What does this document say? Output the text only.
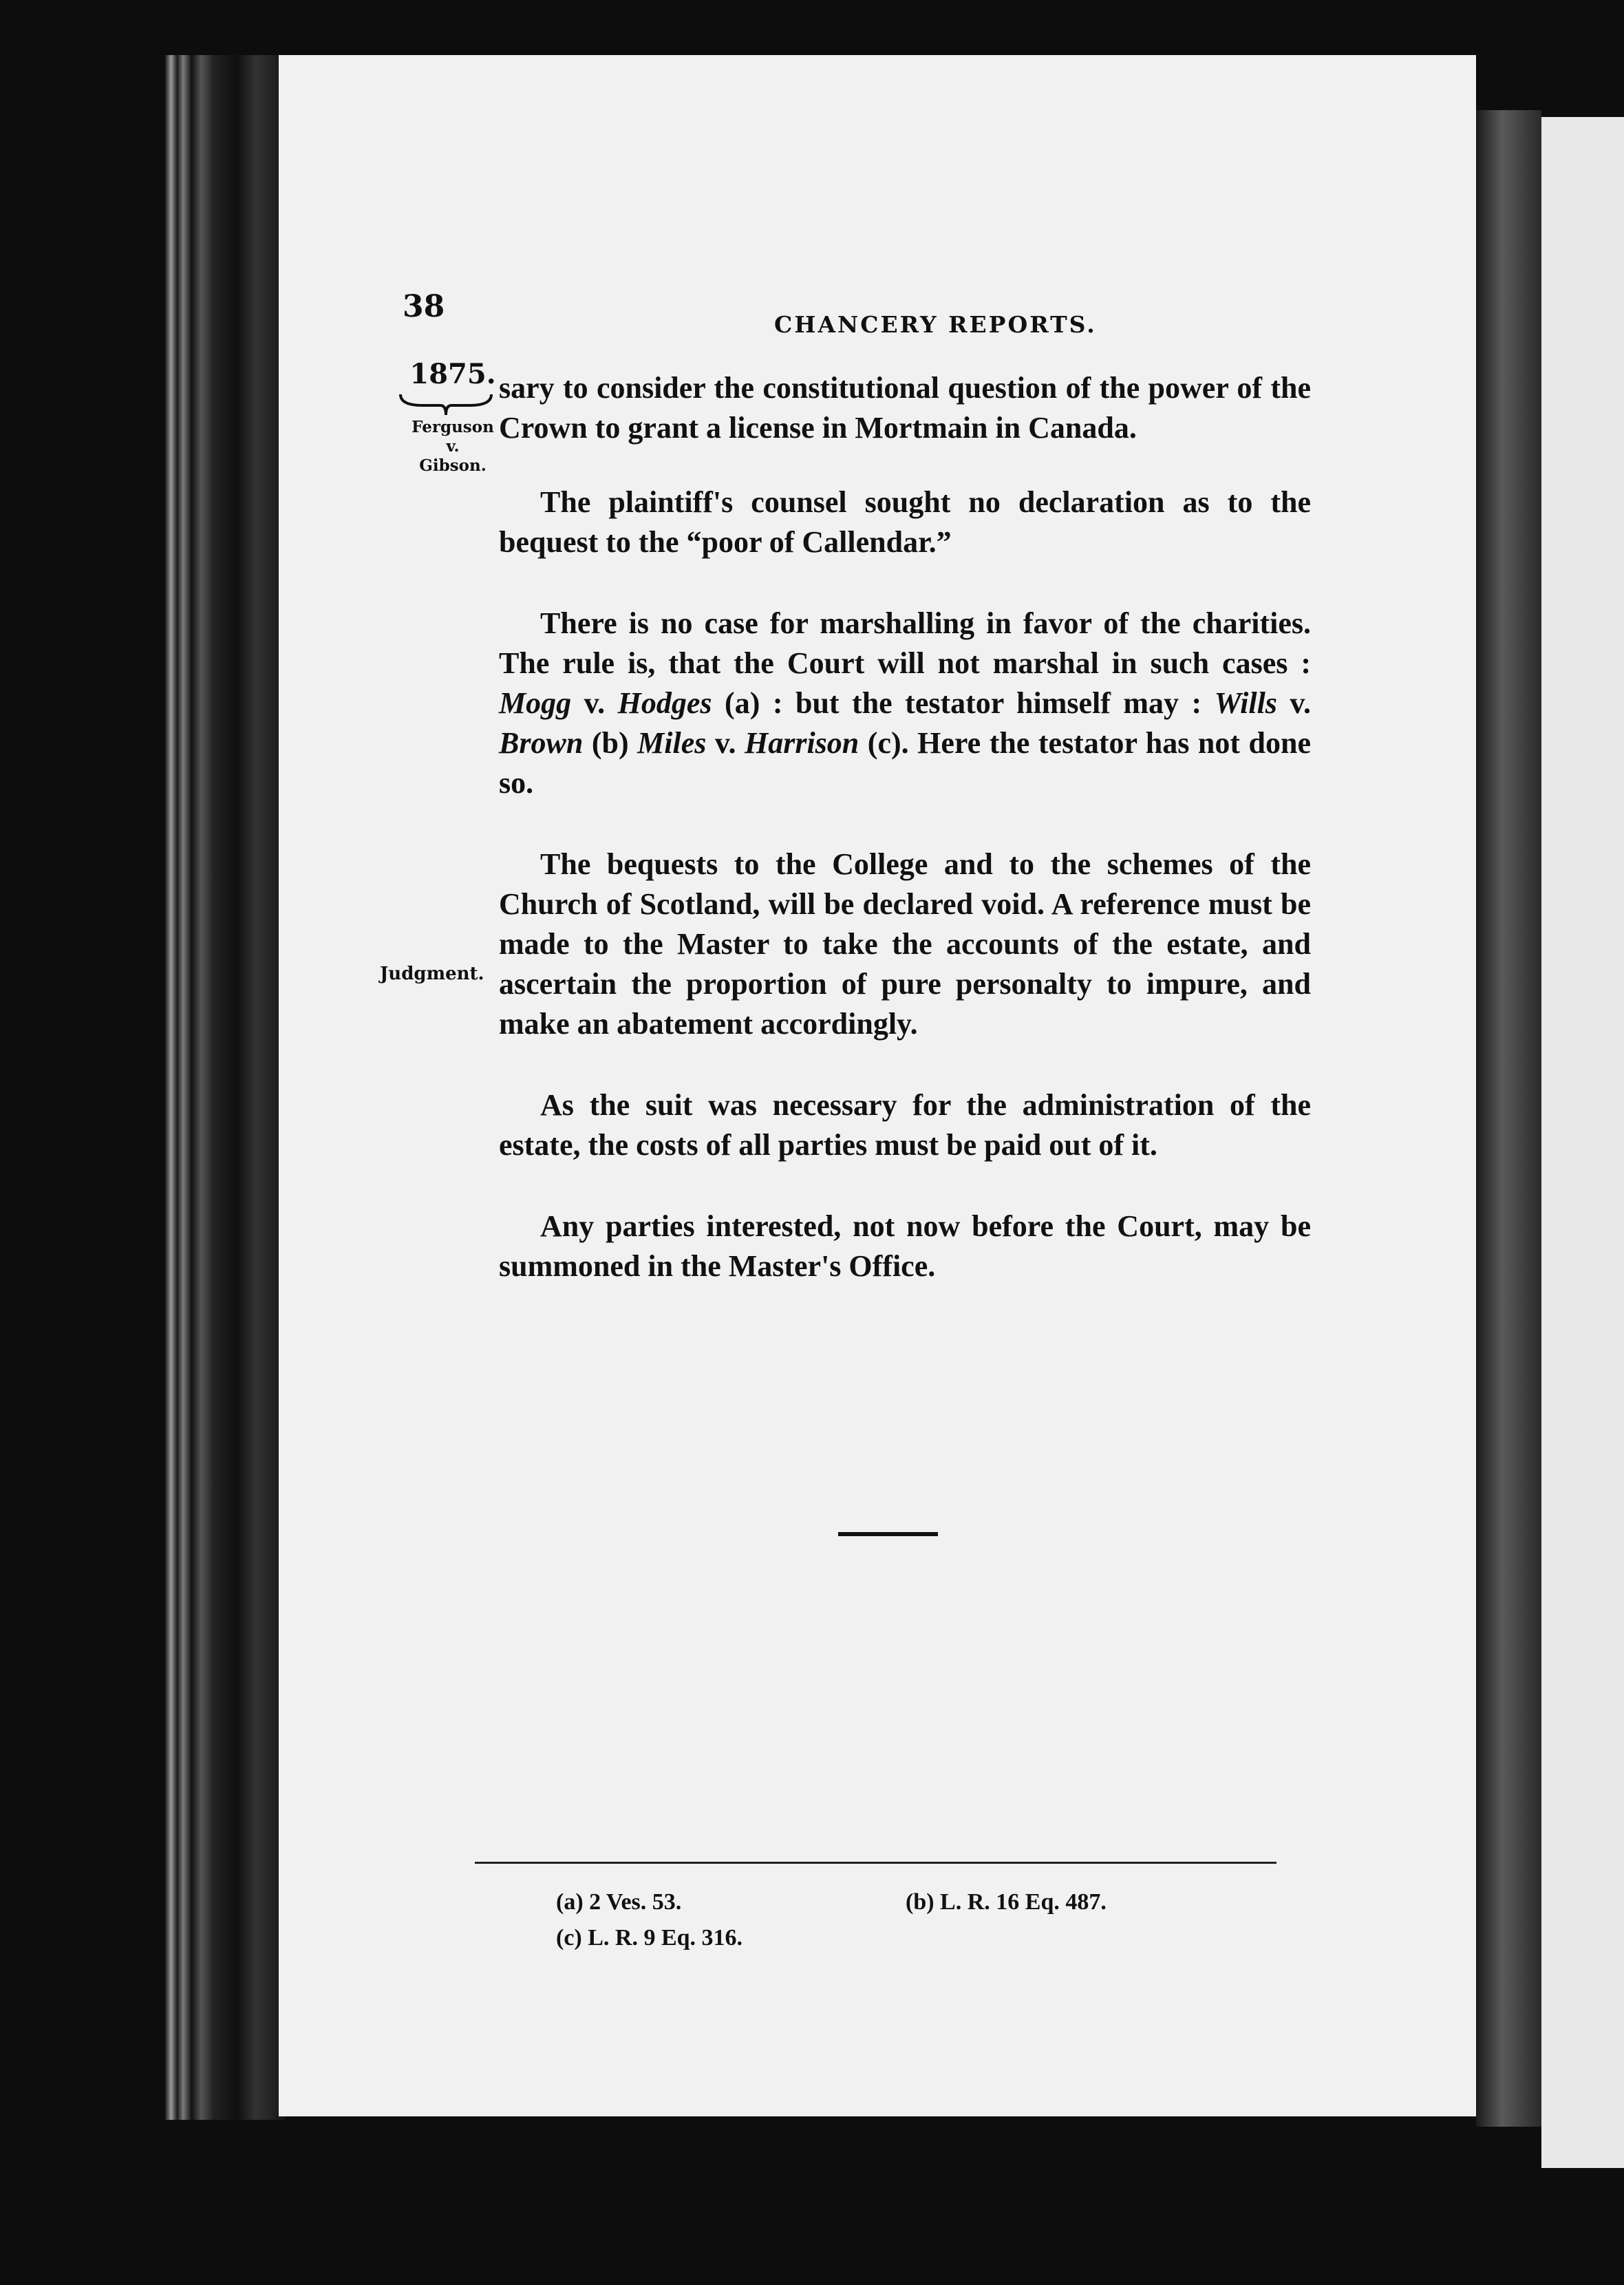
38
CHANCERY REPORTS.
1875.
Ferguson
v.
Gibson.
Judgment.

sary to consider the constitutional question of the power of the Crown to grant a license in Mortmain in Canada.

The plaintiff's counsel sought no declaration as to the bequest to the “poor of Callendar.”

There is no case for marshalling in favor of the charities. The rule is, that the Court will not marshal in such cases : Mogg v. Hodges (a) : but the testator himself may : Wills v. Brown (b) Miles v. Harrison (c). Here the testator has not done so.

The bequests to the College and to the schemes of the Church of Scotland, will be declared void. A reference must be made to the Master to take the accounts of the estate, and ascertain the proportion of pure personalty to impure, and make an abatement accordingly.

As the suit was necessary for the administration of the estate, the costs of all parties must be paid out of it.

Any parties interested, not now before the Court, may be summoned in the Master's Office.

(a) 2 Ves. 53.	(b) L. R. 16 Eq. 487.
(c) L. R. 9 Eq. 316.
